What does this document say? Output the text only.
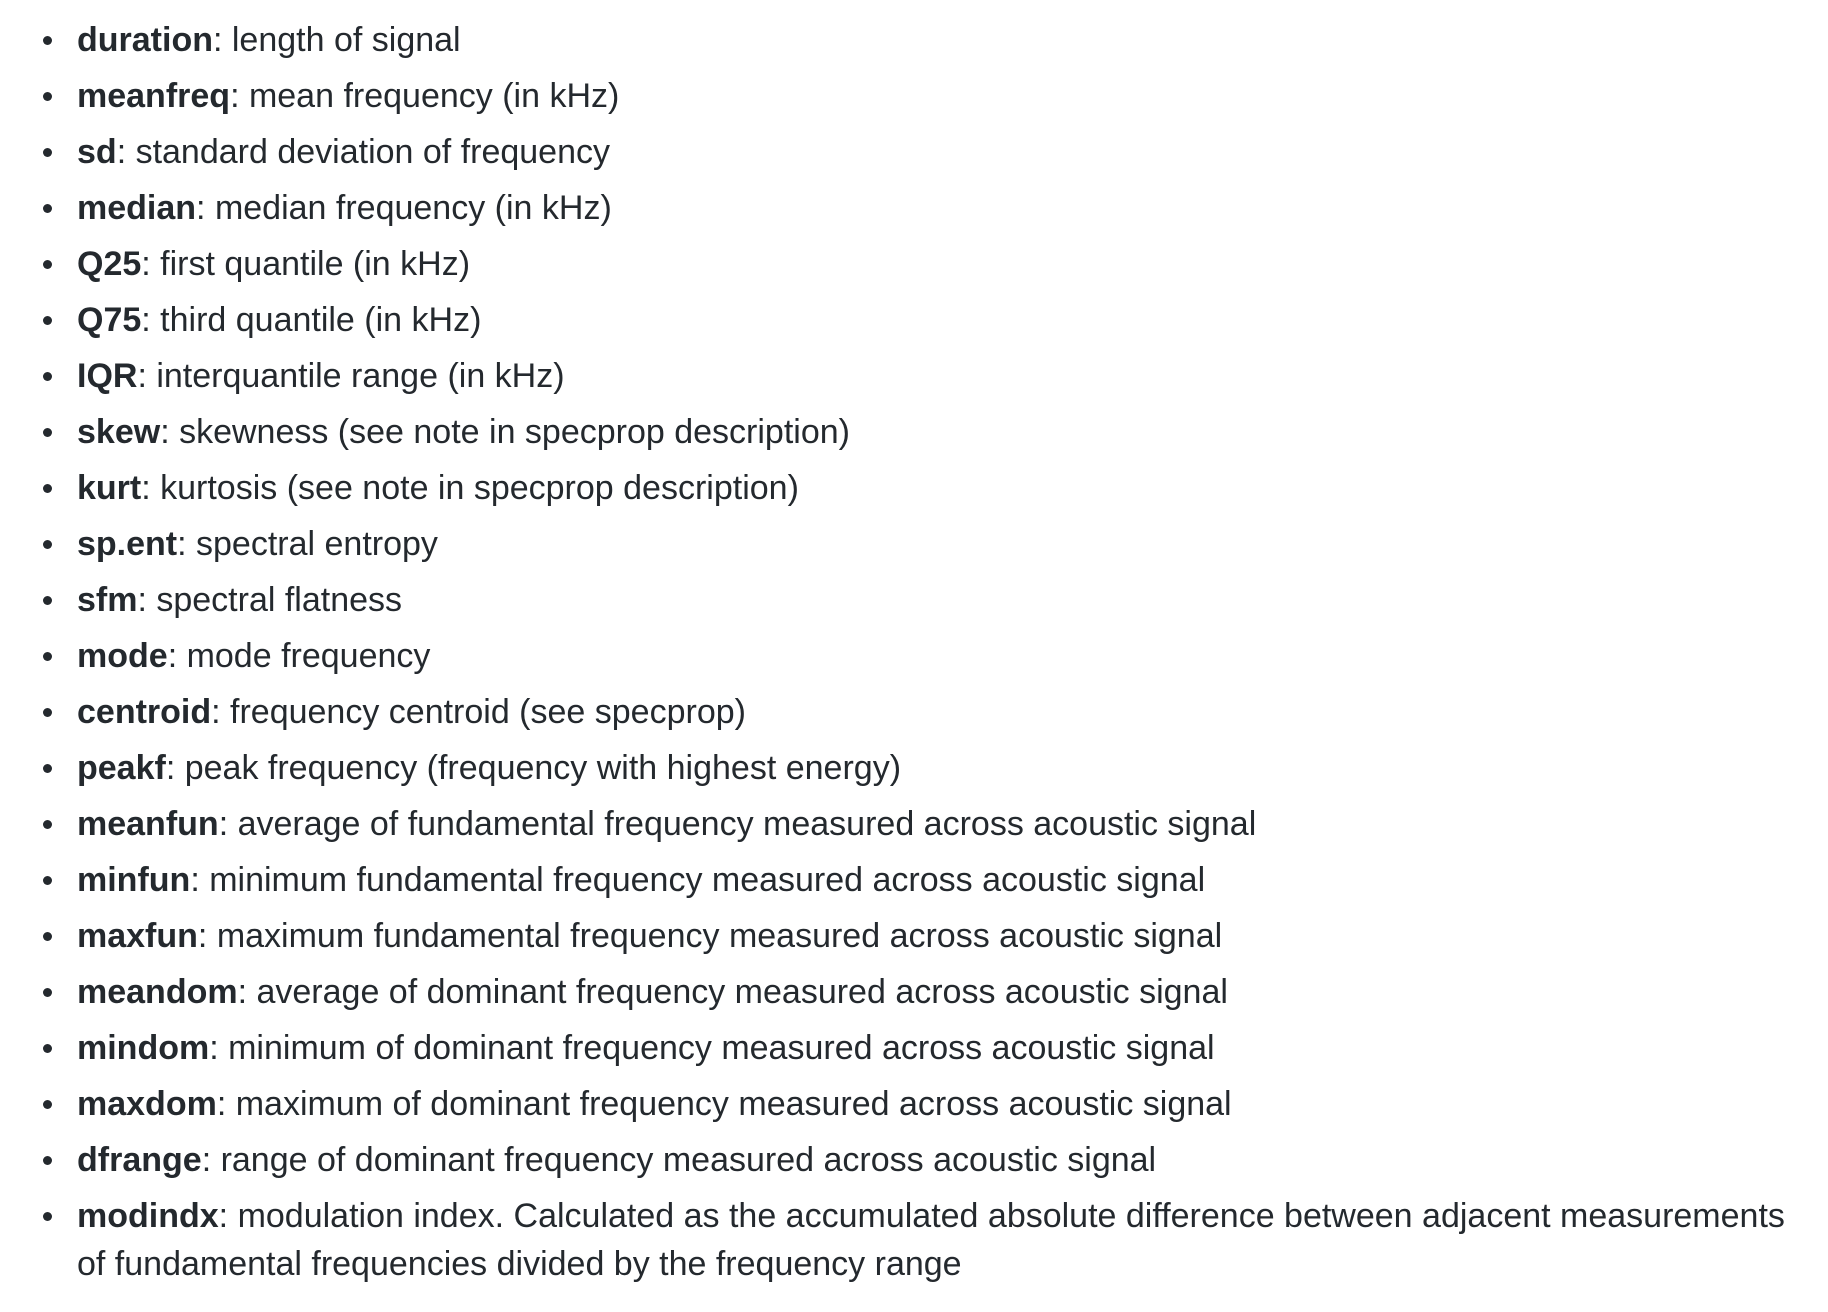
duration: length of signal
meanfreq: mean frequency (in kHz)
sd: standard deviation of frequency
median: median frequency (in kHz)
Q25: first quantile (in kHz)
Q75: third quantile (in kHz)
IQR: interquantile range (in kHz)
skew: skewness (see note in specprop description)
kurt: kurtosis (see note in specprop description)
sp.ent: spectral entropy
sfm: spectral flatness
mode: mode frequency
centroid: frequency centroid (see specprop)
peakf: peak frequency (frequency with highest energy)
meanfun: average of fundamental frequency measured across acoustic signal
minfun: minimum fundamental frequency measured across acoustic signal
maxfun: maximum fundamental frequency measured across acoustic signal
meandom: average of dominant frequency measured across acoustic signal
mindom: minimum of dominant frequency measured across acoustic signal
maxdom: maximum of dominant frequency measured across acoustic signal
dfrange: range of dominant frequency measured across acoustic signal
modindx: modulation index. Calculated as the accumulated absolute difference between adjacent measurements of fundamental frequencies divided by the frequency range
